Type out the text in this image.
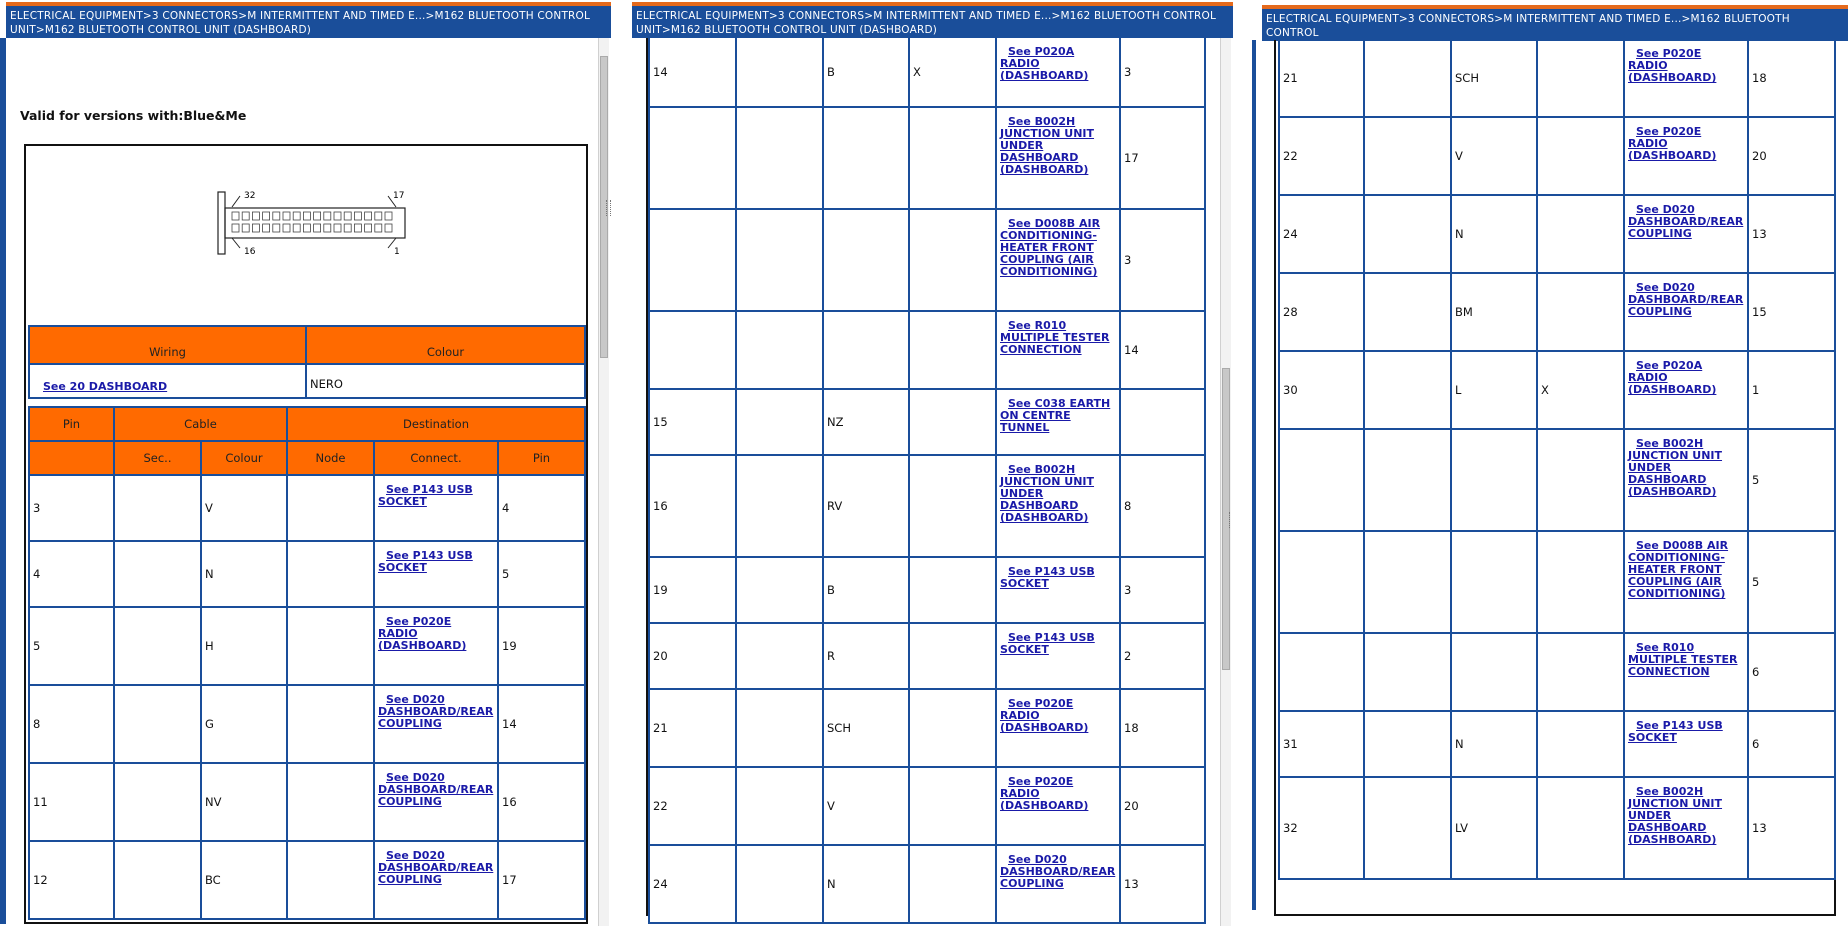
ELECTRICAL EQUIPMENT>3 CONNECTORS>M INTERMITTENT AND TIMED E...>M162 BLUETOOTH CONTROL
UNIT>M162 BLUETOOTH CONTROL UNIT (DASHBOARD)
Valid for versions with:Blue&Me
32	17
16	1
Wiring	Colour

See 20 DASHBOARD	NERO
Pin	Cable		Destination		
	Sec..	Colour	Node	Connect.	Pin
3		V		See P143 USB SOCKET	4
4		N		See P143 USB SOCKET	5
5		H		See P020E RADIO (DASHBOARD)	19
8		G		See D020 DASHBOARD/REAR COUPLING	14
11		NV		See D020 DASHBOARD/REAR COUPLING	16
12		BC		See D020 DASHBOARD/REAR COUPLING	17
ELECTRICAL EQUIPMENT>3 CONNECTORS>M INTERMITTENT AND TIMED E...>M162 BLUETOOTH CONTROL
UNIT>M162 BLUETOOTH CONTROL UNIT (DASHBOARD)
14		B	X	See P020A RADIO (DASHBOARD)	3

				See B002H JUNCTION UNIT UNDER DASHBOARD (DASHBOARD)	17

				See D008B AIR CONDITIONING-HEATER FRONT COUPLING (AIR CONDITIONING)	3

				See R010 MULTIPLE TESTER CONNECTION	14
15		NZ		See C038 EARTH ON CENTRE TUNNEL	

16		RV		See B002H JUNCTION UNIT UNDER DASHBOARD (DASHBOARD)	8
19		B		See P143 USB SOCKET	3
20		R		See P143 USB SOCKET	2
21		SCH		See P020E RADIO (DASHBOARD)	18
22		V		See P020E RADIO (DASHBOARD)	20
24		N		See D020 DASHBOARD/REAR COUPLING	13
ELECTRICAL EQUIPMENT>3 CONNECTORS>M INTERMITTENT AND TIMED E...>M162 BLUETOOTH CONTROL
UNIT>M162 BLUETOOTH CONTROL UNIT (DASHBOARD)
21		SCH		See P020E RADIO (DASHBOARD)	18
22		V		See P020E RADIO (DASHBOARD)	20
24		N		See D020 DASHBOARD/REAR COUPLING	13
28		BM		See D020 DASHBOARD/REAR COUPLING	15
30		L	X	See P020A RADIO (DASHBOARD)	1

				See B002H JUNCTION UNIT UNDER DASHBOARD (DASHBOARD)	5

				See D008B AIR CONDITIONING-HEATER FRONT COUPLING (AIR CONDITIONING)	5

				See R010 MULTIPLE TESTER CONNECTION	6
31		N		See P143 USB SOCKET	6
32		LV		See B002H JUNCTION UNIT UNDER DASHBOARD (DASHBOARD)	13
